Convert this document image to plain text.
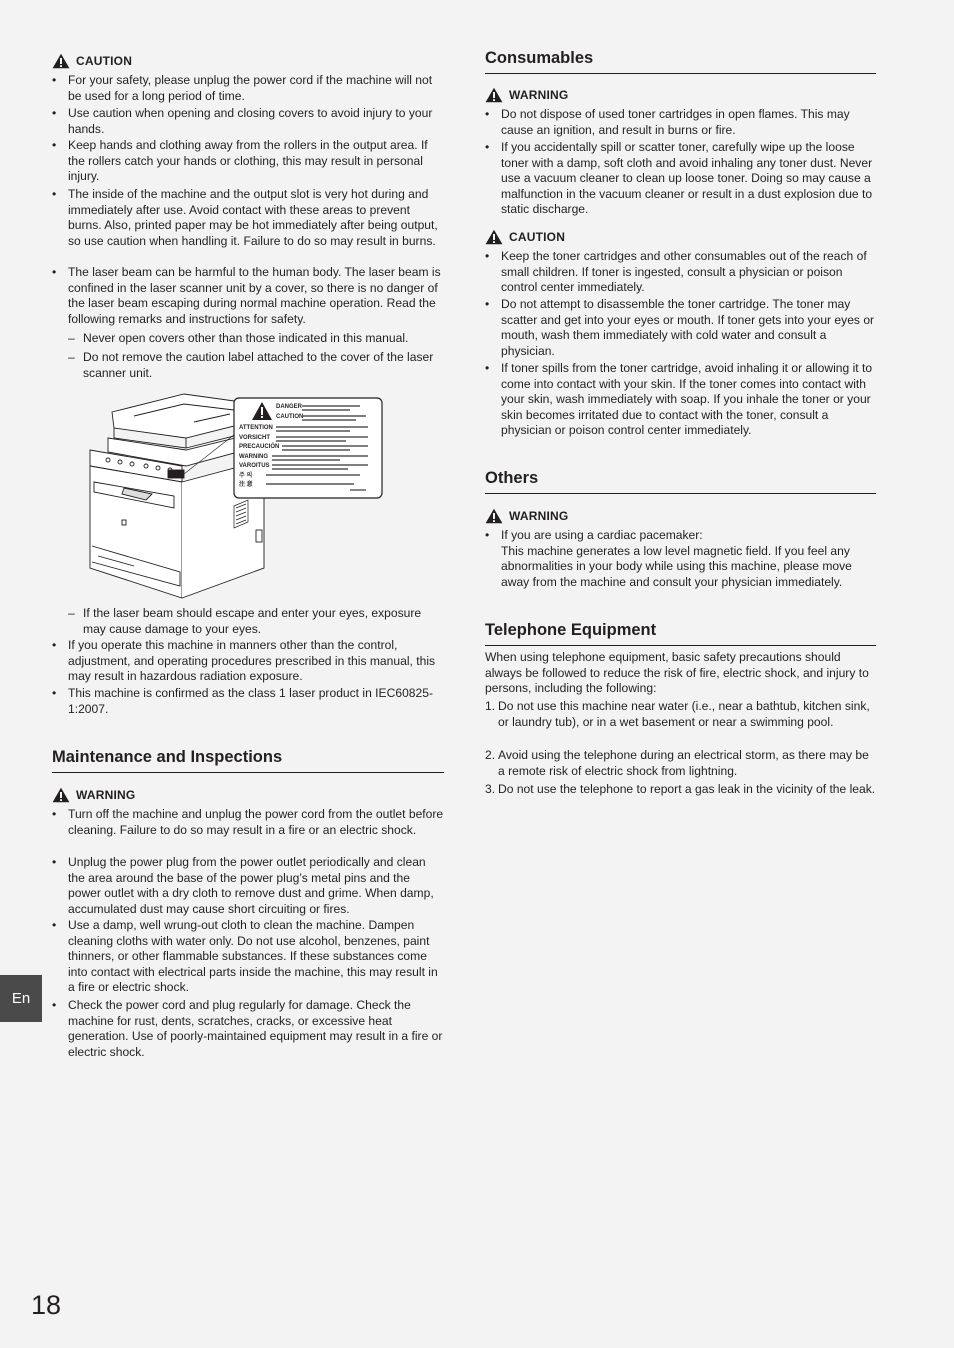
CAUTION
• For your safety, please unplug the power cord if the machine will not be used for a long period of time.
• Use caution when opening and closing covers to avoid injury to your hands.
• Keep hands and clothing away from the rollers in the output area. If the rollers catch your hands or clothing, this may result in personal injury.
• The inside of the machine and the output slot is very hot during and immediately after use. Avoid contact with these areas to prevent burns. Also, printed paper may be hot immediately after being output, so use caution when handling it. Failure to do so may result in burns.
• The laser beam can be harmful to the human body. The laser beam is confined in the laser scanner unit by a cover, so there is no danger of the laser beam escaping during normal machine operation. Read the following remarks and instructions for safety.
– Never open covers other than those indicated in this manual.
– Do not remove the caution label attached to the cover of the laser scanner unit.
– If the laser beam should escape and enter your eyes, exposure may cause damage to your eyes.
• If you operate this machine in manners other than the control, adjustment, and operating procedures prescribed in this manual, this may result in hazardous radiation exposure.
• This machine is confirmed as the class 1 laser product in IEC60825-1:2007.
Maintenance and Inspections
WARNING
• Turn off the machine and unplug the power cord from the outlet before cleaning. Failure to do so may result in a fire or an electric shock.
• Unplug the power plug from the power outlet periodically and clean the area around the base of the power plug’s metal pins and the power outlet with a dry cloth to remove dust and grime. When damp, accumulated dust may cause short circuiting or fires.
• Use a damp, well wrung-out cloth to clean the machine. Dampen cleaning cloths with water only. Do not use alcohol, benzenes, paint thinners, or other flammable substances. If these substances come into contact with electrical parts inside the machine, this may result in a fire or electric shock.
• Check the power cord and plug regularly for damage. Check the machine for rust, dents, scratches, cracks, or excessive heat generation. Use of poorly-maintained equipment may result in a fire or electric shock.
DANGER
CAUTION
ATTENTION
VORSICHT
PRECAUCIÓN
WARNING
VAROITUS
주 의
注 意
Consumables
WARNING
• Do not dispose of used toner cartridges in open flames. This may cause an ignition, and result in burns or fire.
• If you accidentally spill or scatter toner, carefully wipe up the loose toner with a damp, soft cloth and avoid inhaling any toner dust. Never use a vacuum cleaner to clean up loose toner. Doing so may cause a malfunction in the vacuum cleaner or result in a dust explosion due to static discharge.
CAUTION
• Keep the toner cartridges and other consumables out of the reach of small children. If toner is ingested, consult a physician or poison control center immediately.
• Do not attempt to disassemble the toner cartridge. The toner may scatter and get into your eyes or mouth. If toner gets into your eyes or mouth, wash them immediately with cold water and consult a physician.
• If toner spills from the toner cartridge, avoid inhaling it or allowing it to come into contact with your skin. If the toner comes into contact with your skin, wash immediately with soap. If you inhale the toner or your skin becomes irritated due to contact with the toner, consult a physician or poison control center immediately.
Others
WARNING
• If you are using a cardiac pacemaker:
This machine generates a low level magnetic field. If you feel any abnormalities in your body while using this machine, please move away from the machine and consult your physician immediately.
Telephone Equipment
When using telephone equipment, basic safety precautions should always be followed to reduce the risk of fire, electric shock, and injury to persons, including the following:
1. Do not use this machine near water (i.e., near a bathtub, kitchen sink, or laundry tub), or in a wet basement or near a swimming pool.
2. Avoid using the telephone during an electrical storm, as there may be a remote risk of electric shock from lightning.
3. Do not use the telephone to report a gas leak in the vicinity of the leak.
En
18
